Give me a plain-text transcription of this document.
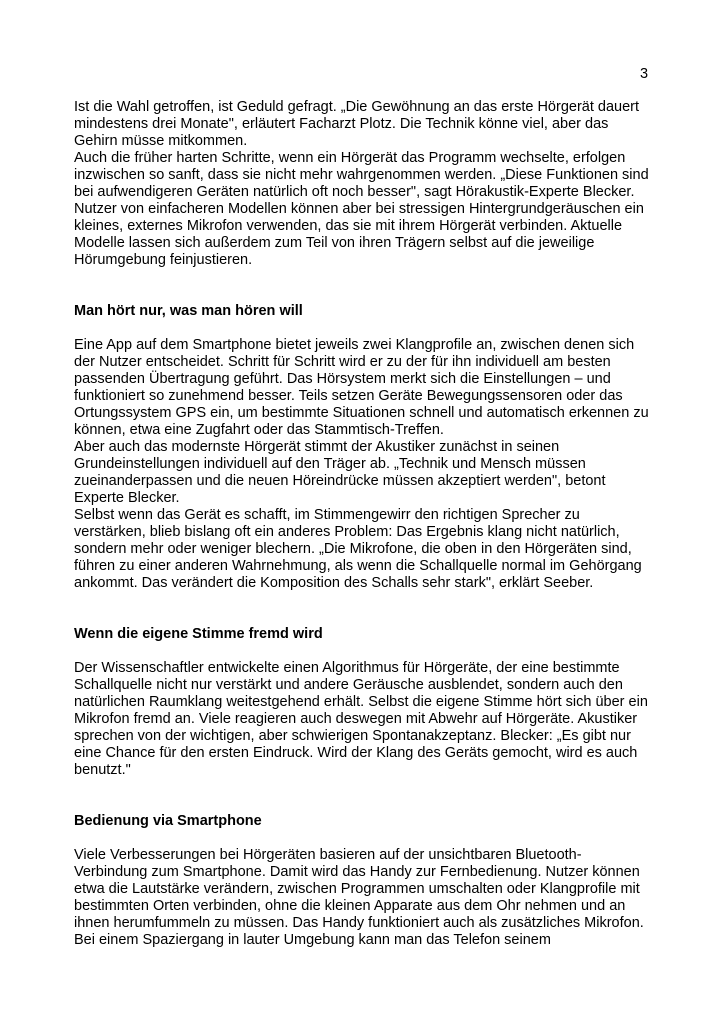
3
Ist die Wahl getroffen, ist Geduld gefragt. „Die Gewöhnung an das erste Hörgerät dauert
mindestens drei Monate", erläutert Facharzt Plotz. Die Technik könne viel, aber das
Gehirn müsse mitkommen.
Auch die früher harten Schritte, wenn ein Hörgerät das Programm wechselte, erfolgen
inzwischen so sanft, dass sie nicht mehr wahrgenommen werden. „Diese Funktionen sind
bei aufwendigeren Geräten natürlich oft noch besser", sagt Hörakustik-Experte Blecker.
Nutzer von einfacheren Modellen können aber bei stressigen Hintergrundgeräuschen ein
kleines, externes Mikrofon verwenden, das sie mit ihrem Hörgerät verbinden. Aktuelle
Modelle lassen sich außerdem zum Teil von ihren Trägern selbst auf die jeweilige
Hörumgebung feinjustieren.
Man hört nur, was man hören will
Eine App auf dem Smartphone bietet jeweils zwei Klangprofile an, zwischen denen sich
der Nutzer entscheidet. Schritt für Schritt wird er zu der für ihn individuell am besten
passenden Übertragung geführt. Das Hörsystem merkt sich die Einstellungen – und
funktioniert so zunehmend besser. Teils setzen Geräte Bewegungssensoren oder das
Ortungssystem GPS ein, um bestimmte Situationen schnell und automatisch erkennen zu
können, etwa eine Zugfahrt oder das Stammtisch-Treffen.
Aber auch das modernste Hörgerät stimmt der Akustiker zunächst in seinen
Grundeinstellungen individuell auf den Träger ab. „Technik und Mensch müssen
zueinanderpassen und die neuen Höreindrücke müssen akzeptiert werden", betont
Experte Blecker.
Selbst wenn das Gerät es schafft, im Stimmengewirr den richtigen Sprecher zu
verstärken, blieb bislang oft ein anderes Problem: Das Ergebnis klang nicht natürlich,
sondern mehr oder weniger blechern. „Die Mikrofone, die oben in den Hörgeräten sind,
führen zu einer anderen Wahrnehmung, als wenn die Schallquelle normal im Gehörgang
ankommt. Das verändert die Komposition des Schalls sehr stark", erklärt Seeber.
Wenn die eigene Stimme fremd wird
Der Wissenschaftler entwickelte einen Algorithmus für Hörgeräte, der eine bestimmte
Schallquelle nicht nur verstärkt und andere Geräusche ausblendet, sondern auch den
natürlichen Raumklang weitestgehend erhält. Selbst die eigene Stimme hört sich über ein
Mikrofon fremd an. Viele reagieren auch deswegen mit Abwehr auf Hörgeräte. Akustiker
sprechen von der wichtigen, aber schwierigen Spontanakzeptanz. Blecker: „Es gibt nur
eine Chance für den ersten Eindruck. Wird der Klang des Geräts gemocht, wird es auch
benutzt."
Bedienung via Smartphone
Viele Verbesserungen bei Hörgeräten basieren auf der unsichtbaren Bluetooth-
Verbindung zum Smartphone. Damit wird das Handy zur Fernbedienung. Nutzer können
etwa die Lautstärke verändern, zwischen Programmen umschalten oder Klangprofile mit
bestimmten Orten verbinden, ohne die kleinen Apparate aus dem Ohr nehmen und an
ihnen herumfummeln zu müssen. Das Handy funktioniert auch als zusätzliches Mikrofon.
Bei einem Spaziergang in lauter Umgebung kann man das Telefon seinem
